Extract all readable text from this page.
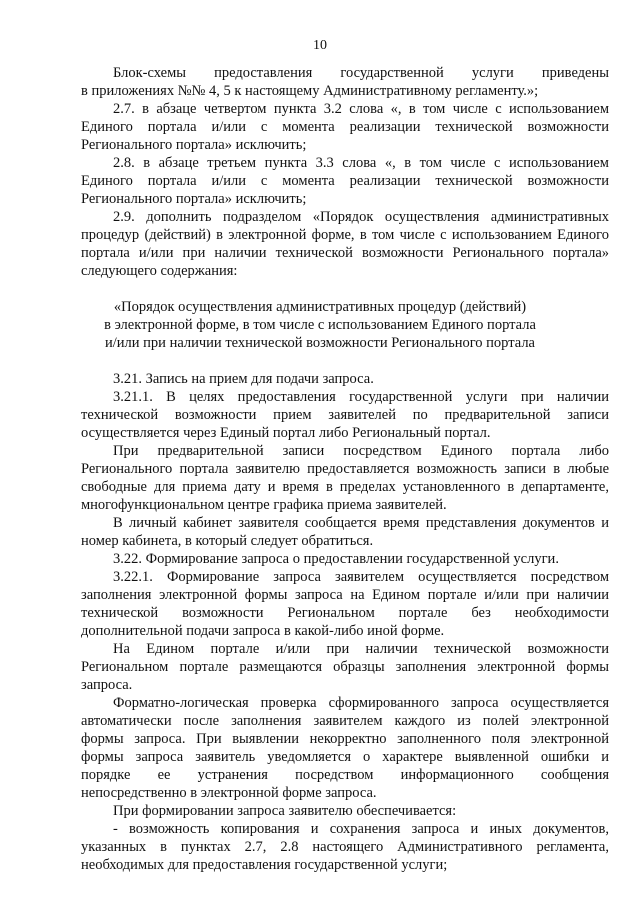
10
Блок-схемы предоставления государственной услуги приведены
в приложениях №№ 4, 5 к настоящему Административному регламенту.»;
2.7. в абзаце четвертом пункта 3.2 слова «, в том числе с использованием
Единого портала и/или с момента реализации технической возможности
Регионального портала» исключить;
2.8. в абзаце третьем пункта 3.3 слова «, в том числе с использованием
Единого портала и/или с момента реализации технической возможности
Регионального портала» исключить;
2.9. дополнить подразделом «Порядок осуществления административных
процедур (действий) в электронной форме, в том числе с использованием Единого
портала и/или при наличии технической возможности Регионального портала»
следующего содержания:
«Порядок осуществления административных процедур (действий)
в электронной форме, в том числе с использованием Единого портала
и/или при наличии технической возможности Регионального портала
3.21. Запись на прием для подачи запроса.
3.21.1. В целях предоставления государственной услуги при наличии
технической возможности прием заявителей по предварительной записи
осуществляется через Единый портал либо Региональный портал.
При предварительной записи посредством Единого портала либо
Регионального портала заявителю предоставляется возможность записи в любые
свободные для приема дату и время в пределах установленного в департаменте,
многофункциональном центре графика приема заявителей.
В личный кабинет заявителя сообщается время представления документов и
номер кабинета, в который следует обратиться.
3.22. Формирование запроса о предоставлении государственной услуги.
3.22.1. Формирование запроса заявителем осуществляется посредством
заполнения электронной формы запроса на Едином портале и/или при наличии
технической возможности Региональном портале без необходимости
дополнительной подачи запроса в какой-либо иной форме.
На Едином портале и/или при наличии технической возможности
Региональном портале размещаются образцы заполнения электронной формы
запроса.
Форматно-логическая проверка сформированного запроса осуществляется
автоматически после заполнения заявителем каждого из полей электронной
формы запроса. При выявлении некорректно заполненного поля электронной
формы запроса заявитель уведомляется о характере выявленной ошибки и
порядке ее устранения посредством информационного сообщения
непосредственно в электронной форме запроса.
При формировании запроса заявителю обеспечивается:
- возможность копирования и сохранения запроса и иных документов,
указанных в пунктах 2.7, 2.8 настоящего Административного регламента,
необходимых для предоставления государственной услуги;
